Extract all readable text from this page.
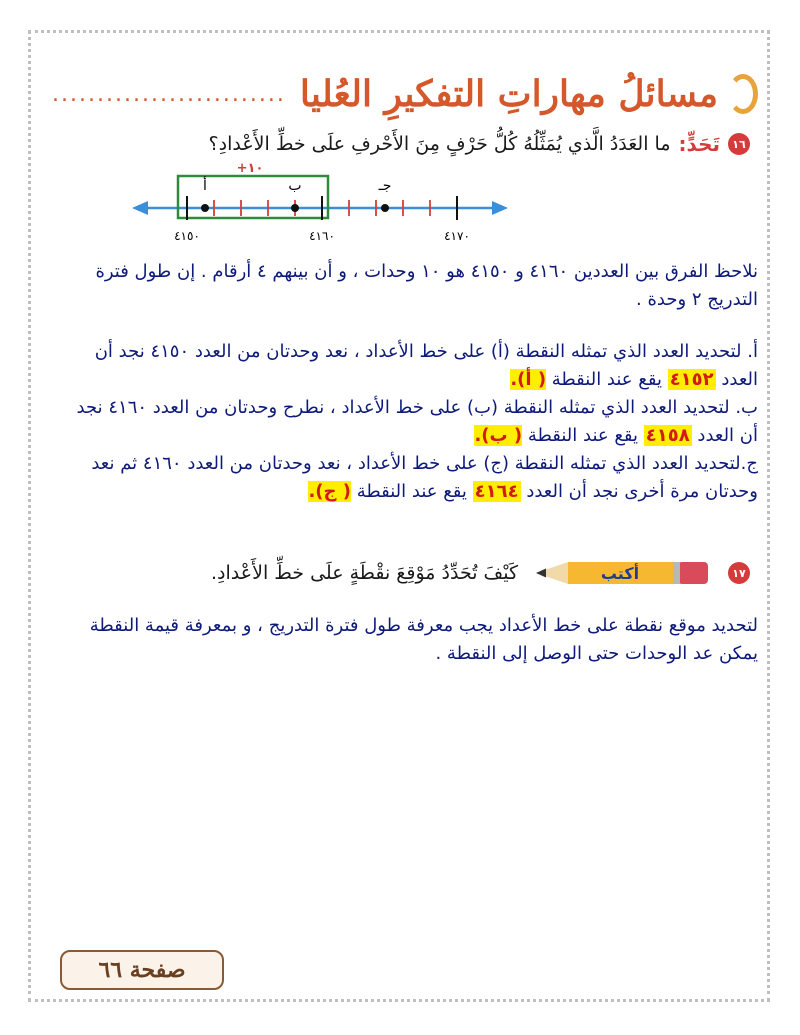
مسائلُ مهاراتِ التفكيرِ العُليا
..........................
١٦
تَحَدٍّ:
ما العَدَدُ الَّذي يُمَثِّلُهُ كُلُّ حَرْفٍ مِنَ الأَحْرفِ علَى خطِّ الأَعْدادِ؟
+١٠
أ	ب	جـ
٤١٥٠	٤١٦٠	٤١٧٠
نلاحظ الفرق بين العددين ٤١٦٠ و ٤١٥٠ هو ١٠ وحدات ، و أن بينهم ٤ أرقام . إن طول فترة التدريج ٢ وحدة .
أ. لتحديد العدد الذي تمثله النقطة (أ) على خط الأعداد ، نعد وحدتان من العدد ٤١٥٠ نجد أن العدد ٤١٥٢ يقع عند النقطة ( أ).
ب. لتحديد العدد الذي تمثله النقطة (ب) على خط الأعداد ، نطرح وحدتان من العدد ٤١٦٠ نجد أن العدد ٤١٥٨ يقع عند النقطة ( ب).
ج.لتحديد العدد الذي تمثله النقطة (ج) على خط الأعداد ، نعد وحدتان من العدد ٤١٦٠ ثم نعد وحدتان مرة أخرى نجد أن العدد ٤١٦٤ يقع عند النقطة ( ج).
١٧
أكتب
كَيْفَ تُحَدِّدُ مَوْقِعَ نقْطَةٍ علَى خطِّ الأَعْدادِ.
لتحديد موقع نقطة على خط الأعداد يجب معرفة طول فترة التدريج ، و بمعرفة قيمة النقطة يمكن عد الوحدات حتى الوصل إلى النقطة .
صفحة ٦٦
